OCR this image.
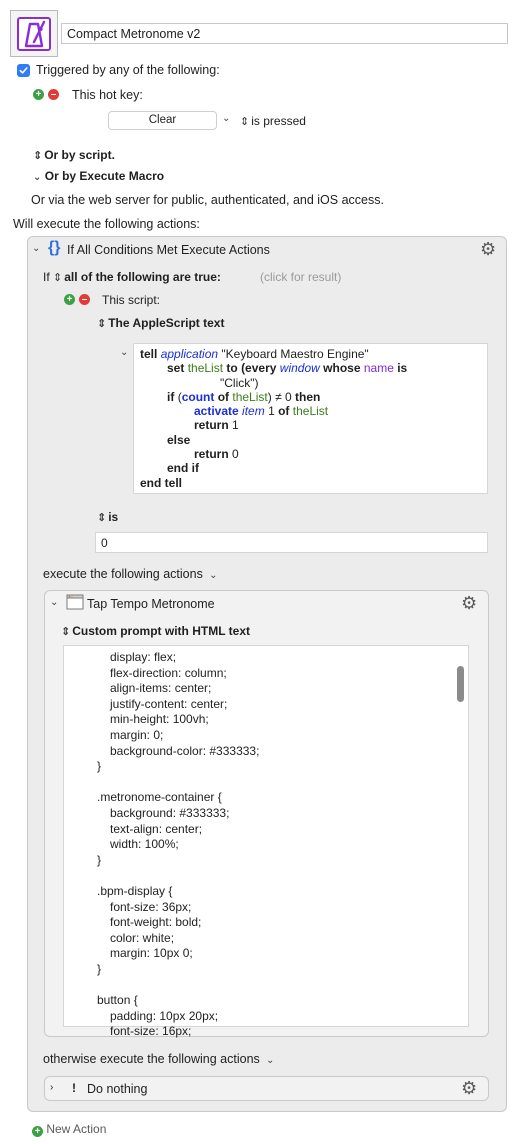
Compact Metronome v2
Triggered by any of the following:
+ – This hot key:
Clear	⌄ ⇕ is pressed
⇕ Or by script.
⌄ Or by Execute Macro
Or via the web server for public, authenticated, and iOS access.
Will execute the following actions:
⌄ {} If All Conditions Met Execute Actions	⚙
If ⇕ all of the following are true:	(click for result)
+ – This script:
⇕ The AppleScript text
⌄ tell application "Keyboard Maestro Engine"
set theList to (every window whose name is
"Click")
if (count of theList) ≠ 0 then
activate item 1 of theList
return 1
else
return 0
end if
end tell
⇕ is
0
execute the following actions  ⌄
⌄ Tap Tempo Metronome	⚙
⇕ Custom prompt with HTML text
display: flex;
flex-direction: column;
align-items: center;
justify-content: center;
min-height: 100vh;
margin: 0;
background-color: #333333;
}
.metronome-container {
background: #333333;
text-align: center;
width: 100%;
}
.bpm-display {
font-size: 36px;
font-weight: bold;
color: white;
margin: 10px 0;
}
button {
padding: 10px 20px;
font-size: 16px;
otherwise execute the following actions  ⌄
› ! Do nothing	⚙
+ New Action
